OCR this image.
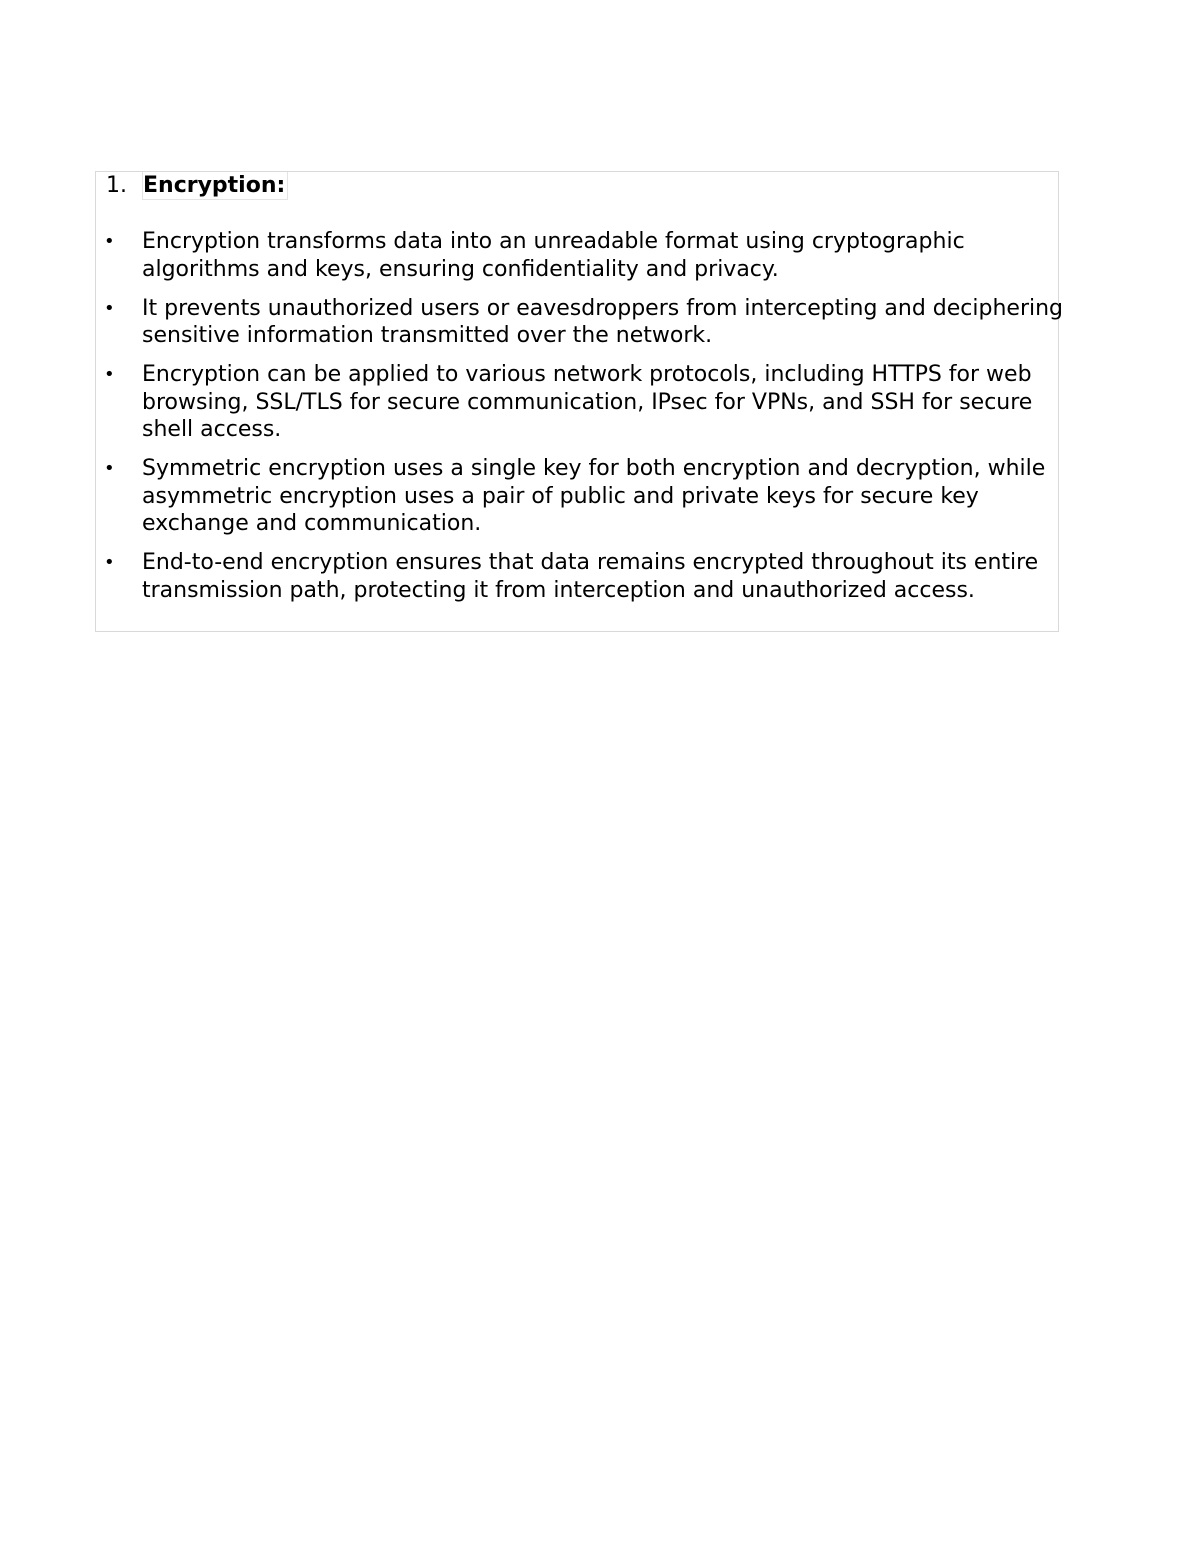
1. Encryption:
• Encryption transforms data into an unreadable format using cryptographic algorithms and keys, ensuring confidentiality and privacy.
• It prevents unauthorized users or eavesdroppers from intercepting and deciphering sensitive information transmitted over the network.
• Encryption can be applied to various network protocols, including HTTPS for web browsing, SSL/TLS for secure communication, IPsec for VPNs, and SSH for secure shell access.
• Symmetric encryption uses a single key for both encryption and decryption, while asymmetric encryption uses a pair of public and private keys for secure key exchange and communication.
• End-to-end encryption ensures that data remains encrypted throughout its entire transmission path, protecting it from interception and unauthorized access.
